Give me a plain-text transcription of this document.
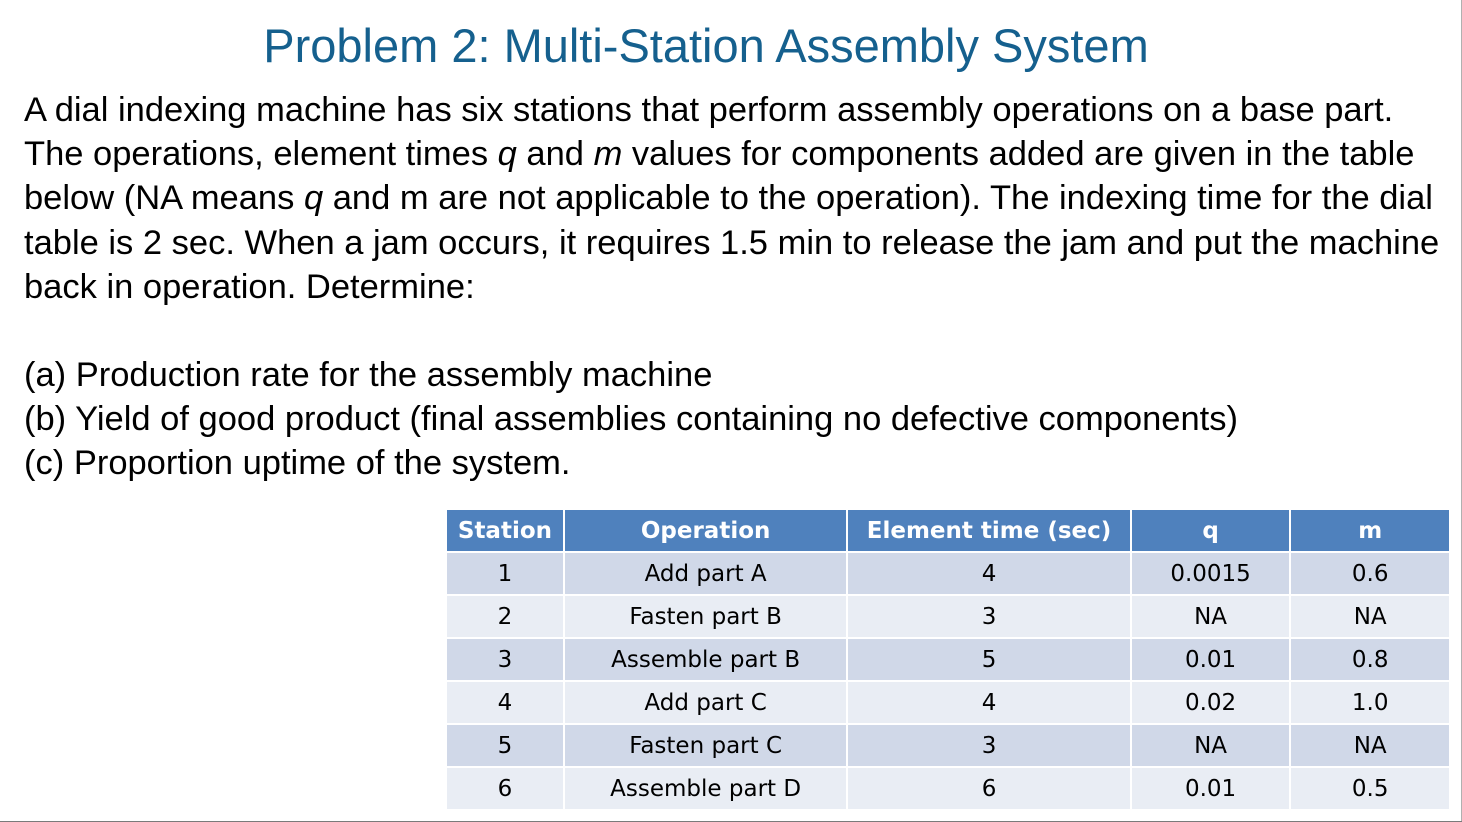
Problem 2: Multi-Station Assembly System

A dial indexing machine has six stations that perform assembly operations on a base part. The operations, element times q and m values for components added are given in the table below (NA means q and m are not applicable to the operation). The indexing time for the dial table is 2 sec. When a jam occurs, it requires 1.5 min to release the jam and put the machine back in operation. Determine:

(a) Production rate for the assembly machine

(b) Yield of good product (final assemblies containing no defective components)

(c) Proportion uptime of the system.

Station	Operation	Element time (sec)	q	m
1	Add part A	4	0.0015	0.6
2	Fasten part B	3	NA	NA
3	Assemble part B	5	0.01	0.8
4	Add part C	4	0.02	1.0
5	Fasten part C	3	NA	NA
6	Assemble part D	6	0.01	0.5
